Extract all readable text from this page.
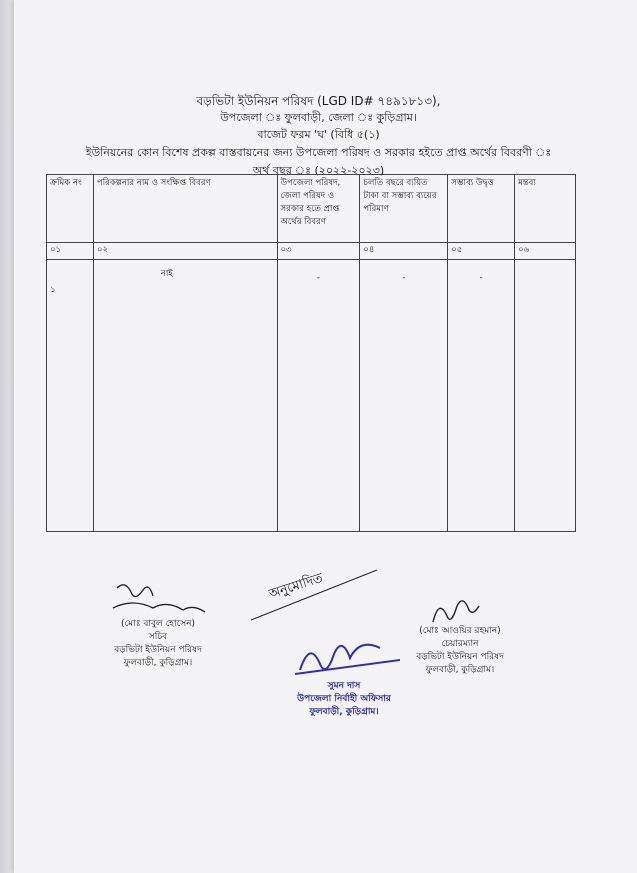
বড়ভিটা ইউনিয়ন পরিষদ (LGD ID# ৭৪৯১৮১৩),
উপজেলা ঃ ফুলবাড়ী, জেলা ঃ কুড়িগ্রাম।
বাজেট ফরম 'ঘ' (বিধি ৫(১)
ইউনিয়নের কোন বিশেষ প্রকল্প বাস্তবায়নের জন্য উপজেলা পরিষদ ও সরকার হইতে প্রাপ্ত অর্থের বিবরণী ঃ
অর্থ বছর ঃ (২০২২-২০২৩)
ক্রমিক নং	পরিকল্পনার নাম ও সংক্ষিপ্ত বিবরণ	উপজেলা পরিষদ, জেলা পরিষদ ও সরকার হতে প্রাপ্ত অর্থের বিবরণ	চলতি বছরে ব্যয়িত টাকা বা সম্ভাব্য ব্যয়ের পরিমাণ	সম্ভাব্য উদ্বৃত্ত	মন্তব্য
০১	০২	০৩	০৪	০৫	০৬
১	নাই	-	-	-	
অনুমোদিত
(মোঃ বাবুল হোসেন)
সচিব
বড়ভিটা ইউনিয়ন পরিষদ
ফুলবাড়ী, কুড়িগ্রাম।
সুমন দাস
উপজেলা নির্বাহী অফিসার
ফুলবাড়ী, কুড়িগ্রাম।
(মোঃ আওয়ির রহমান)
চেয়ারম্যান
বড়ভিটা ইউনিয়ন পরিষদ
ফুলবাড়ী, কুড়িগ্রাম।
